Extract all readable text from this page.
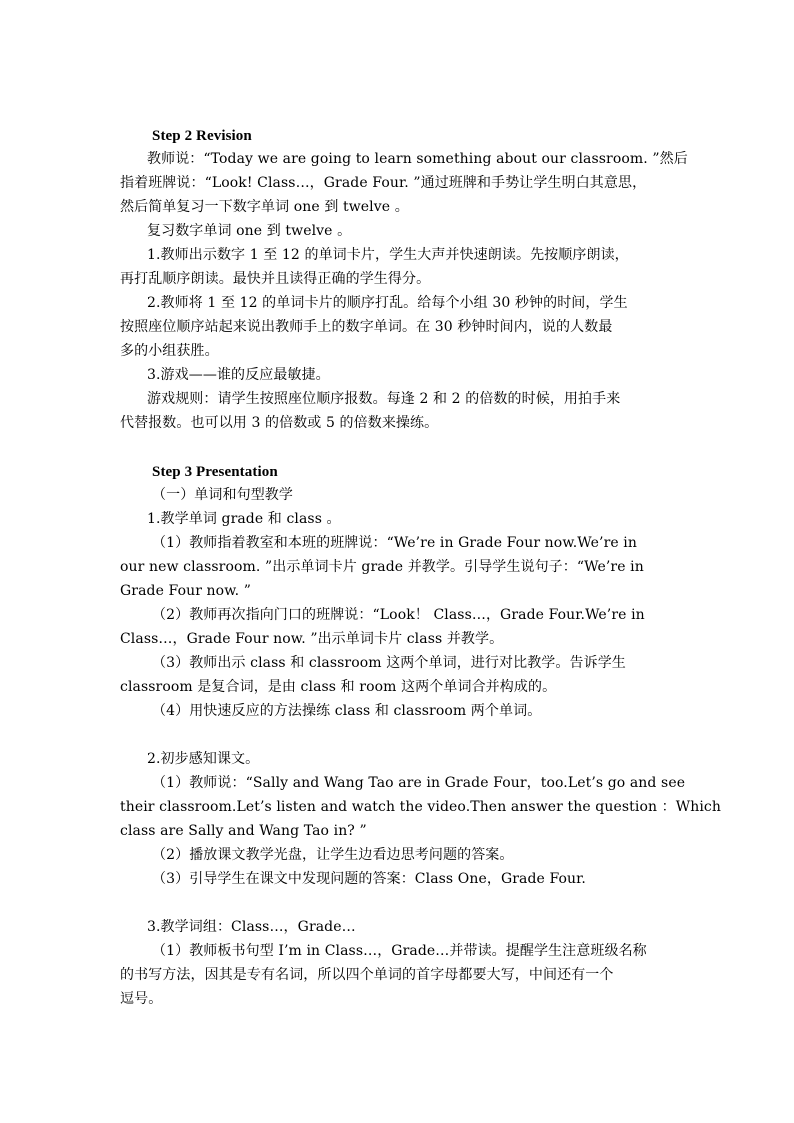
Step 2 Revision
教师说：“Today we are going to learn something about our classroom. ”然后
指着班牌说：“Look! Class…，Grade Four. ”通过班牌和手势让学生明白其意思，
然后简单复习一下数字单词 one 到 twelve 。
复习数字单词 one 到 twelve 。
1.教师出示数字 1 至 12 的单词卡片，学生大声并快速朗读。先按顺序朗读，
再打乱顺序朗读。最快并且读得正确的学生得分。
2.教师将 1 至 12 的单词卡片的顺序打乱。给每个小组 30 秒钟的时间，学生
按照座位顺序站起来说出教师手上的数字单词。在 30 秒钟时间内，说的人数最
多的小组获胜。
3.游戏——谁的反应最敏捷。
游戏规则：请学生按照座位顺序报数。每逢 2 和 2 的倍数的时候，用拍手来
代替报数。也可以用 3 的倍数或 5 的倍数来操练。
Step 3 Presentation
（一）单词和句型教学
1.教学单词 grade 和 class 。
（1）教师指着教室和本班的班牌说：“We’re in Grade Four now.We’re in
our new classroom. ”出示单词卡片 grade 并教学。引导学生说句子：“We’re in
Grade Four now. ”
（2）教师再次指向门口的班牌说：“Look！ Class…，Grade Four.We’re in
Class…，Grade Four now. ”出示单词卡片 class 并教学。
（3）教师出示 class 和 classroom 这两个单词，进行对比教学。告诉学生
classroom 是复合词，是由 class 和 room 这两个单词合并构成的。
（4）用快速反应的方法操练 class 和 classroom 两个单词。
2.初步感知课文。
（1）教师说：“Sally and Wang Tao are in Grade Four，too.Let’s go and see
their classroom.Let’s listen and watch the video.Then answer the question ：Which
class are Sally and Wang Tao in? ”
（2）播放课文教学光盘，让学生边看边思考问题的答案。
（3）引导学生在课文中发现问题的答案：Class One，Grade Four.
3.教学词组：Class…，Grade…
（1）教师板书句型 I’m in Class…，Grade…并带读。提醒学生注意班级名称
的书写方法，因其是专有名词，所以四个单词的首字母都要大写，中间还有一个
逗号。
